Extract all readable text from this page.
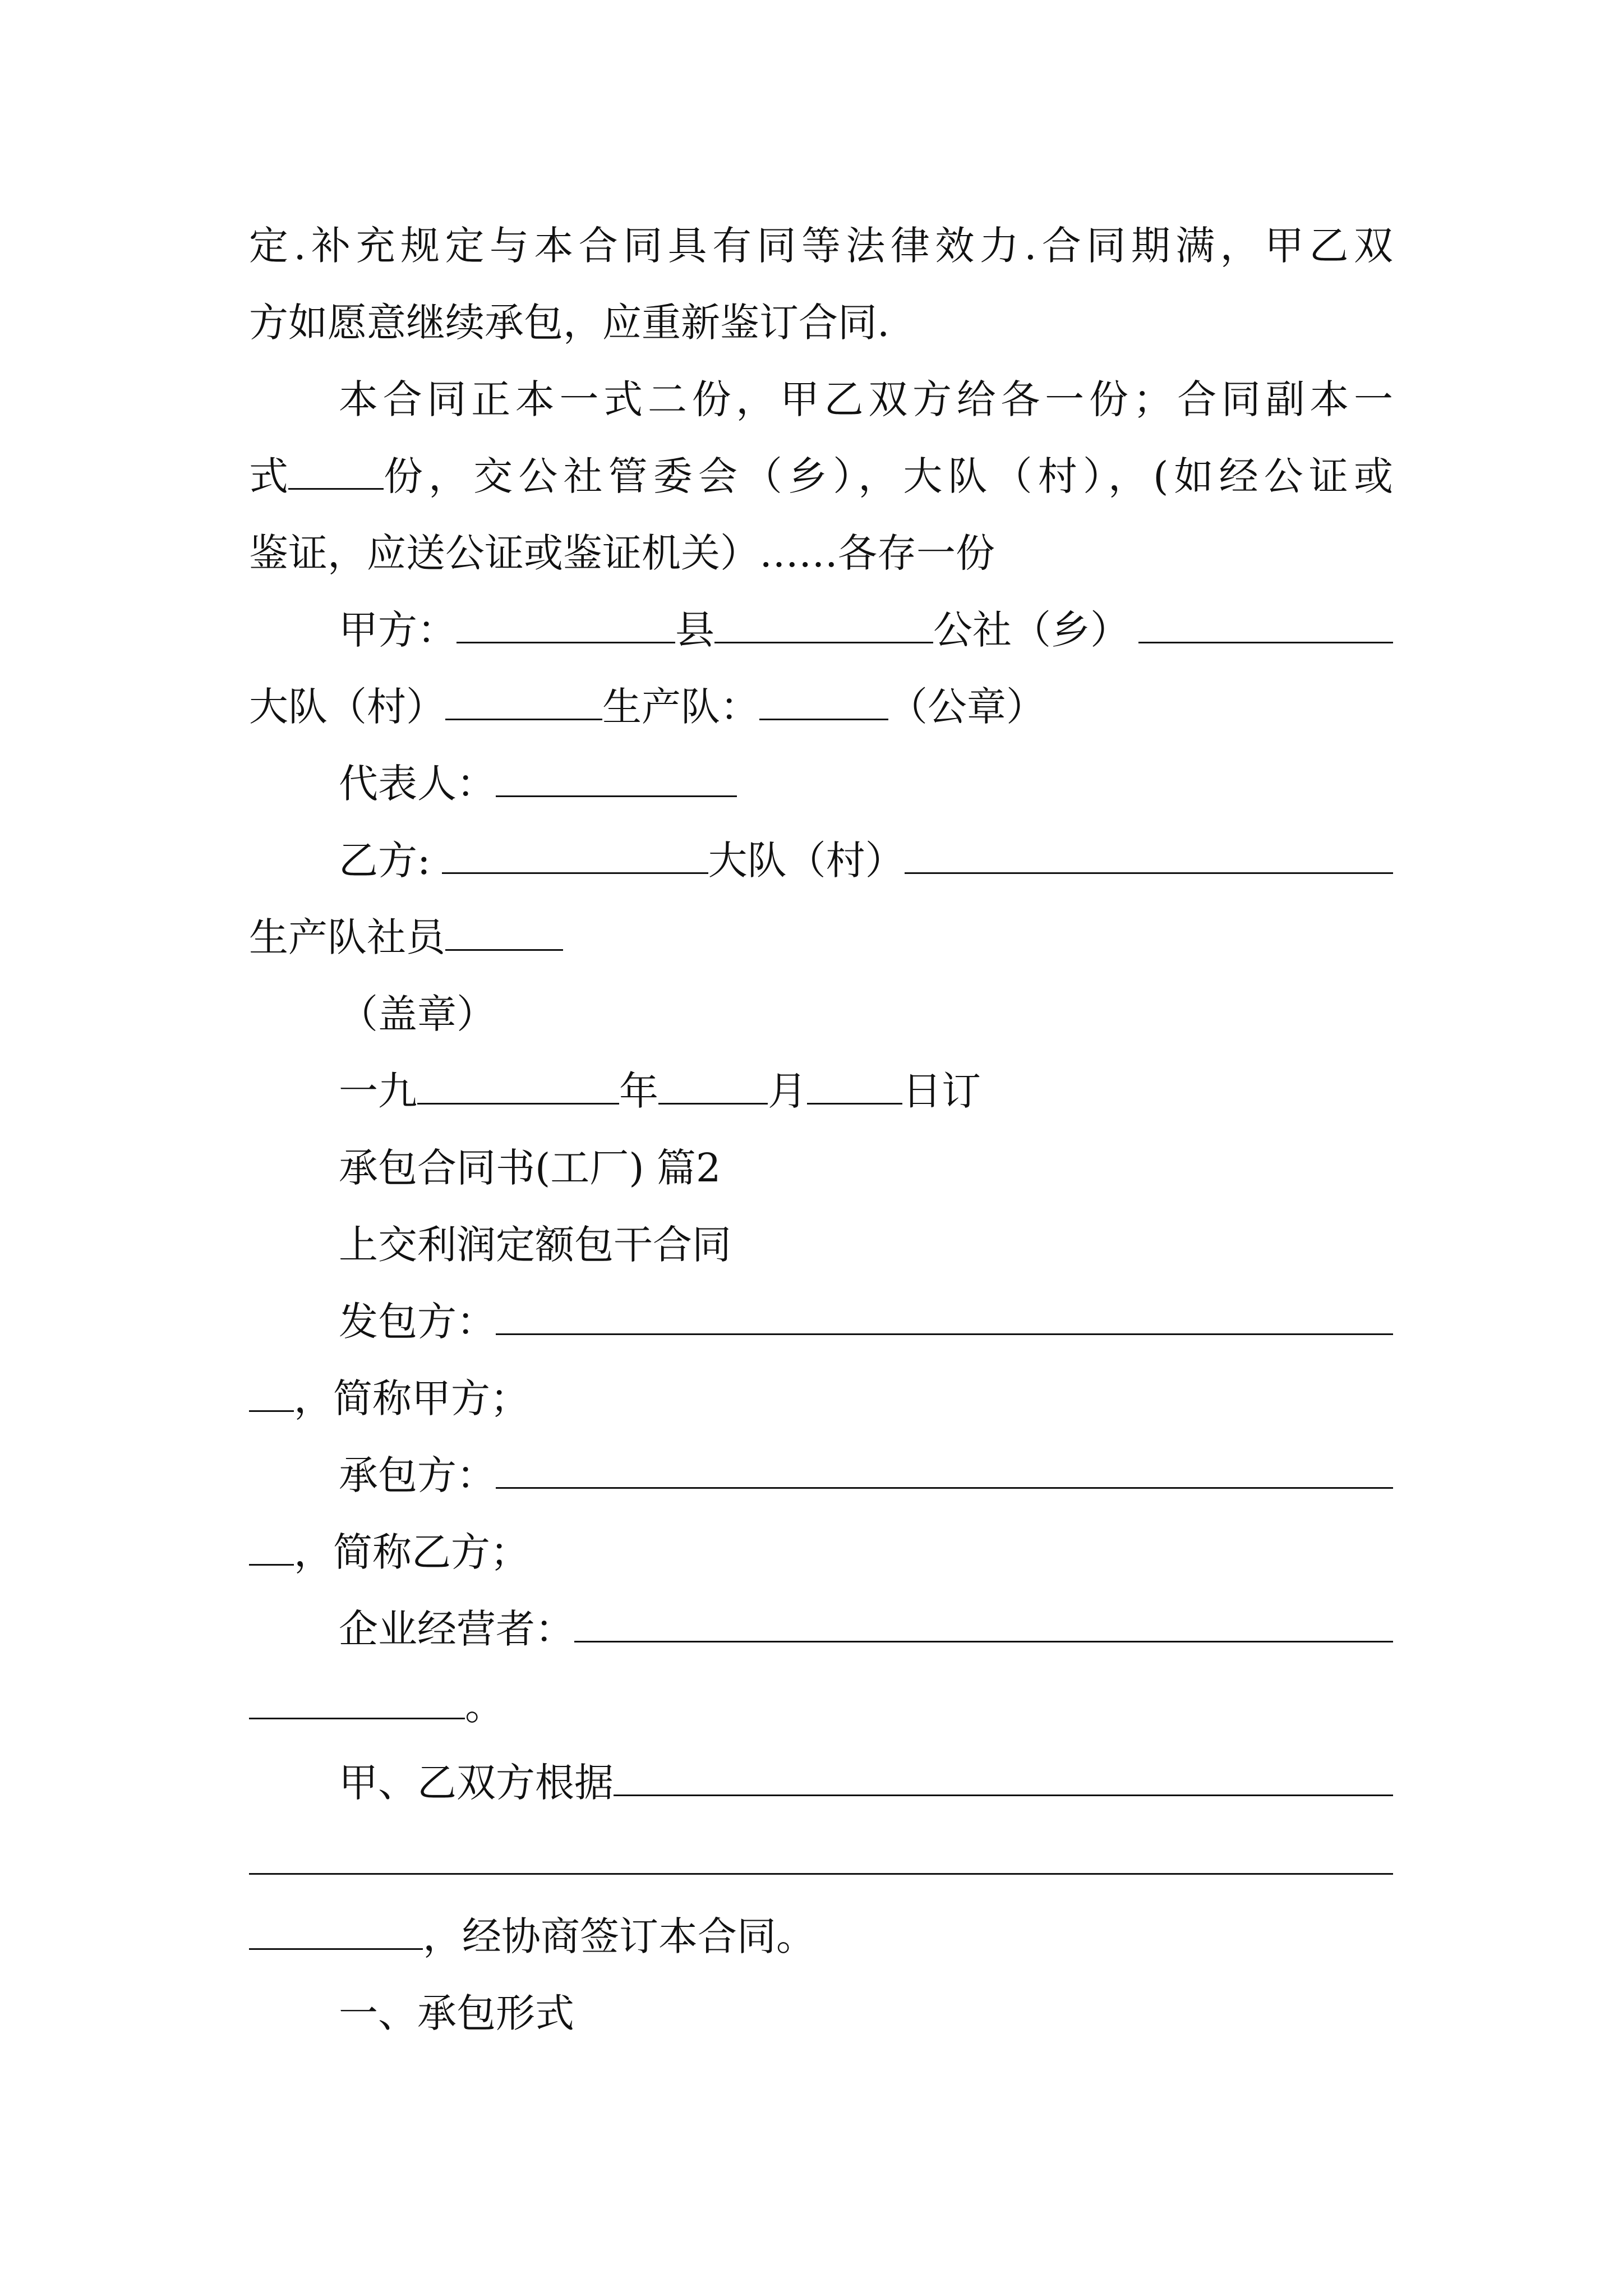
定.补充规定与本合同具有同等法律效力.合同期满，甲乙双
方如愿意继续承包，应重新鉴订合同.
本合同正本一式二份，甲乙双方给各一份；合同副本一
式 份，交公社管委会（乡），大队（村），(如经公证或
鉴证，应送公证或鉴证机关）……各存一份
甲方：	县	公社（乡）
大队（村）	生产队：	（公章）
代表人：
乙方:	大队（村）
生产队社员
（盖章）
一九	年	月 日订
承包合同书(工厂) 篇2
上交利润定额包干合同
发包方：
，简称甲方；
承包方：
，简称乙方；
企业经营者：
。
甲、乙双方根据
，经协商签订本合同。
一、承包形式
